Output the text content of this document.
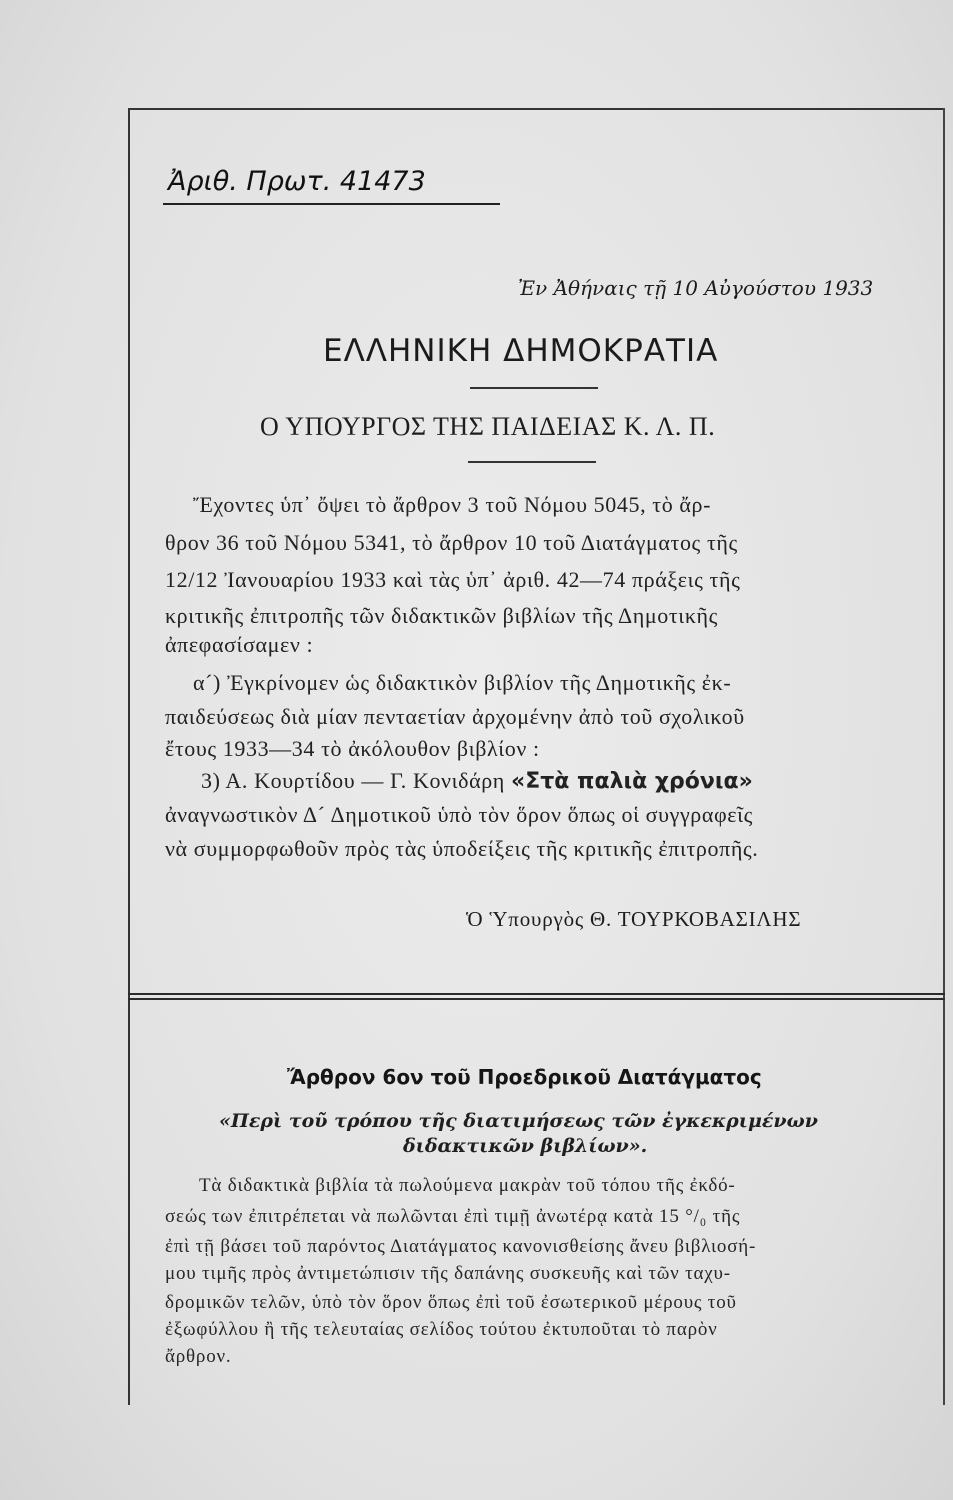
Ἀριθ. Πρωτ. 41473

Ἐν Ἀθήναις τῇ 10 Αὐγούστου 1933

ΕΛΛΗΝΙΚΗ ΔΗΜΟΚΡΑΤΙΑ

Ο ΥΠΟΥΡΓΟΣ ΤΗΣ ΠΑΙΔΕΙΑΣ Κ. Λ. Π.

Ἔχοντες ὑπ᾽ ὄψει τὸ ἄρθρον 3 τοῦ Νόμου 5045, τὸ ἄρ-

θρον 36 τοῦ Νόμου 5341, τὸ ἄρθρον 10 τοῦ Διατάγματος τῆς

12/12 Ἰανουαρίου 1933 καὶ τὰς ὑπ᾽ ἀριθ. 42—74 πράξεις τῆς

κριτικῆς ἐπιτροπῆς τῶν διδακτικῶν βιβλίων τῆς Δημοτικῆς

ἀπεφασίσαμεν :

α´) Ἐγκρίνομεν ὡς διδακτικὸν βιβλίον τῆς Δημοτικῆς ἐκ-

παιδεύσεως διὰ μίαν πενταετίαν ἀρχομένην ἀπὸ τοῦ σχολικοῦ

ἔτους 1933—34 τὸ ἀκόλουθον βιβλίον :

3) Α. Κουρτίδου — Γ. Κονιδάρη «Στὰ παλιὰ χρόνια»

ἀναγνωστικὸν Δ´ Δημοτικοῦ ὑπὸ τὸν ὅρον ὅπως οἱ συγγραφεῖς

νὰ συμμορφωθοῦν πρὸς τὰς ὑποδείξεις τῆς κριτικῆς ἐπιτροπῆς.

Ὁ Ὑπουργὸς Θ. ΤΟΥΡΚΟΒΑΣΙΛΗΣ

Ἄρθρον 6ον τοῦ Προεδρικοῦ Διατάγματος

«Περὶ τοῦ τρόπου τῆς διατιμήσεως τῶν ἐγκεκριμένων

διδακτικῶν βιβλίων».

Τὰ διδακτικὰ βιβλία τὰ πωλούμενα μακρὰν τοῦ τόπου τῆς ἐκδό-

σεώς των ἐπιτρέπεται νὰ πωλῶνται ἐπὶ τιμῇ ἀνωτέρᾳ κατὰ 15 °/₀ τῆς

ἐπὶ τῇ βάσει τοῦ παρόντος Διατάγματος κανονισθείσης ἄνευ βιβλιοσή-

μου τιμῆς πρὸς ἀντιμετώπισιν τῆς δαπάνης συσκευῆς καὶ τῶν ταχυ-

δρομικῶν τελῶν, ὑπὸ τὸν ὅρον ὅπως ἐπὶ τοῦ ἐσωτερικοῦ μέρους τοῦ

ἐξωφύλλου ἢ τῆς τελευταίας σελίδος τούτου ἐκτυποῦται τὸ παρὸν

ἄρθρον.
